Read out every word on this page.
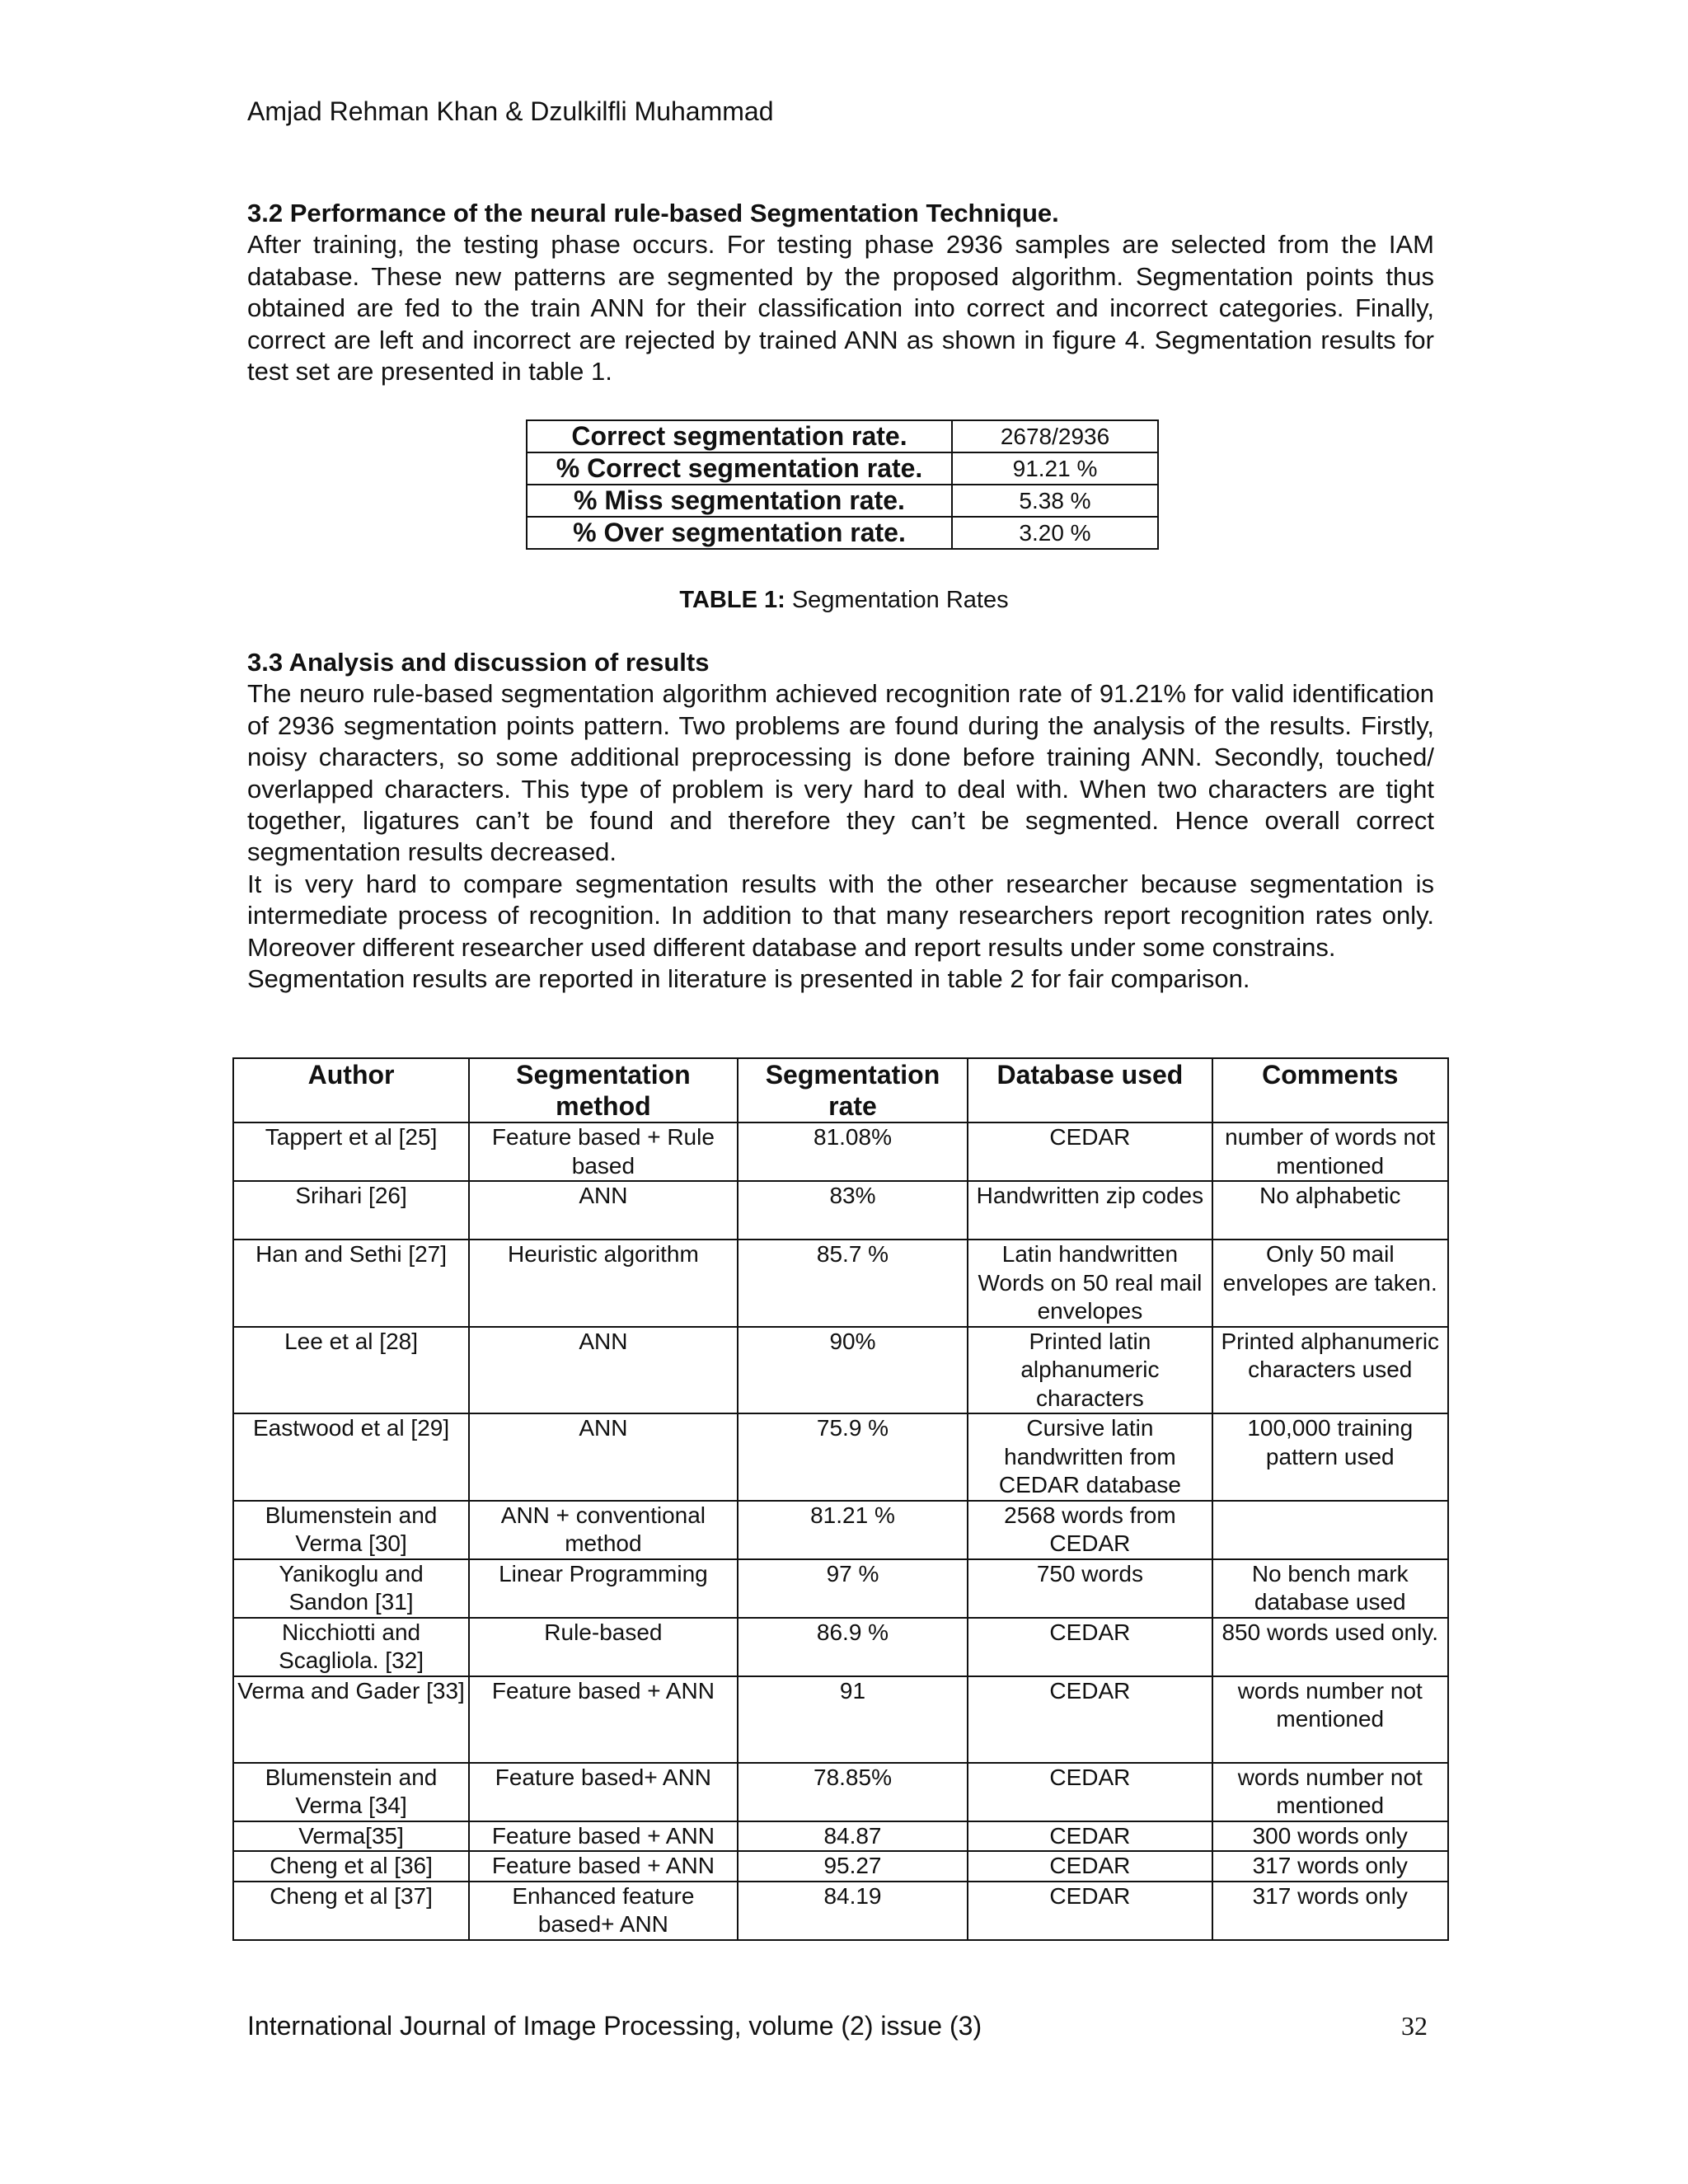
Amjad Rehman Khan & Dzulkilfli Muhammad
3.2 Performance of the neural rule-based Segmentation Technique.

After training, the testing phase occurs. For testing phase 2936 samples are selected from the IAM database. These new patterns are segmented by the proposed algorithm. Segmentation points thus obtained are fed to the train ANN for their classification into correct and incorrect categories. Finally, correct are left and incorrect are rejected by trained ANN as shown in figure 4. Segmentation results for test set are presented in table 1.

Correct segmentation rate.	2678/2936
% Correct segmentation rate.	91.21 %
% Miss segmentation rate.	5.38 %
% Over segmentation rate.	3.20 %
TABLE 1: Segmentation Rates
3.3 Analysis and discussion of results

The neuro rule-based segmentation algorithm achieved recognition rate of 91.21% for valid identification of 2936 segmentation points pattern. Two problems are found during the analysis of the results. Firstly, noisy characters, so some additional preprocessing is done before training ANN. Secondly, touched/ overlapped characters. This type of problem is very hard to deal with. When two characters are tight together, ligatures can’t be found and therefore they can’t be segmented. Hence overall correct segmentation results decreased.

It is very hard to compare segmentation results with the other researcher because segmentation is intermediate process of recognition. In addition to that many researchers report recognition rates only. Moreover different researcher used different database and report results under some constrains.

Segmentation results are reported in literature is presented in table 2 for fair comparison.

Author	Segmentation method	Segmentation rate	Database used	Comments
Tappert et al [25]	Feature based + Rule based	81.08%	CEDAR	number of words not mentioned
Srihari [26]	ANN	83%	Handwritten zip codes	No alphabetic
Han and Sethi [27]	Heuristic algorithm	85.7 %	Latin handwritten Words on 50 real mail envelopes	Only 50 mail envelopes are taken.
Lee et al [28]	ANN	90%	Printed latin alphanumeric characters	Printed alphanumeric characters used
Eastwood et al [29]	ANN	75.9 %	Cursive latin handwritten from CEDAR database	100,000 training pattern used
Blumenstein and Verma [30]	ANN + conventional method	81.21 %	2568 words from CEDAR	
Yanikoglu and Sandon [31]	Linear Programming	97 %	750 words	No bench mark database used
Nicchiotti and Scagliola. [32]	Rule-based	86.9 %	CEDAR	850 words used only.
Verma and Gader [33]	Feature based + ANN	91	CEDAR	words number not mentioned
Blumenstein and Verma [34]	Feature based+ ANN	78.85%	CEDAR	words number not mentioned
Verma[35]	Feature based + ANN	84.87	CEDAR	300 words only
Cheng et al [36]	Feature based + ANN	95.27	CEDAR	317 words only
Cheng et al [37]	Enhanced feature based+ ANN	84.19	CEDAR	317 words only
International Journal of Image Processing, volume (2) issue (3)	32
